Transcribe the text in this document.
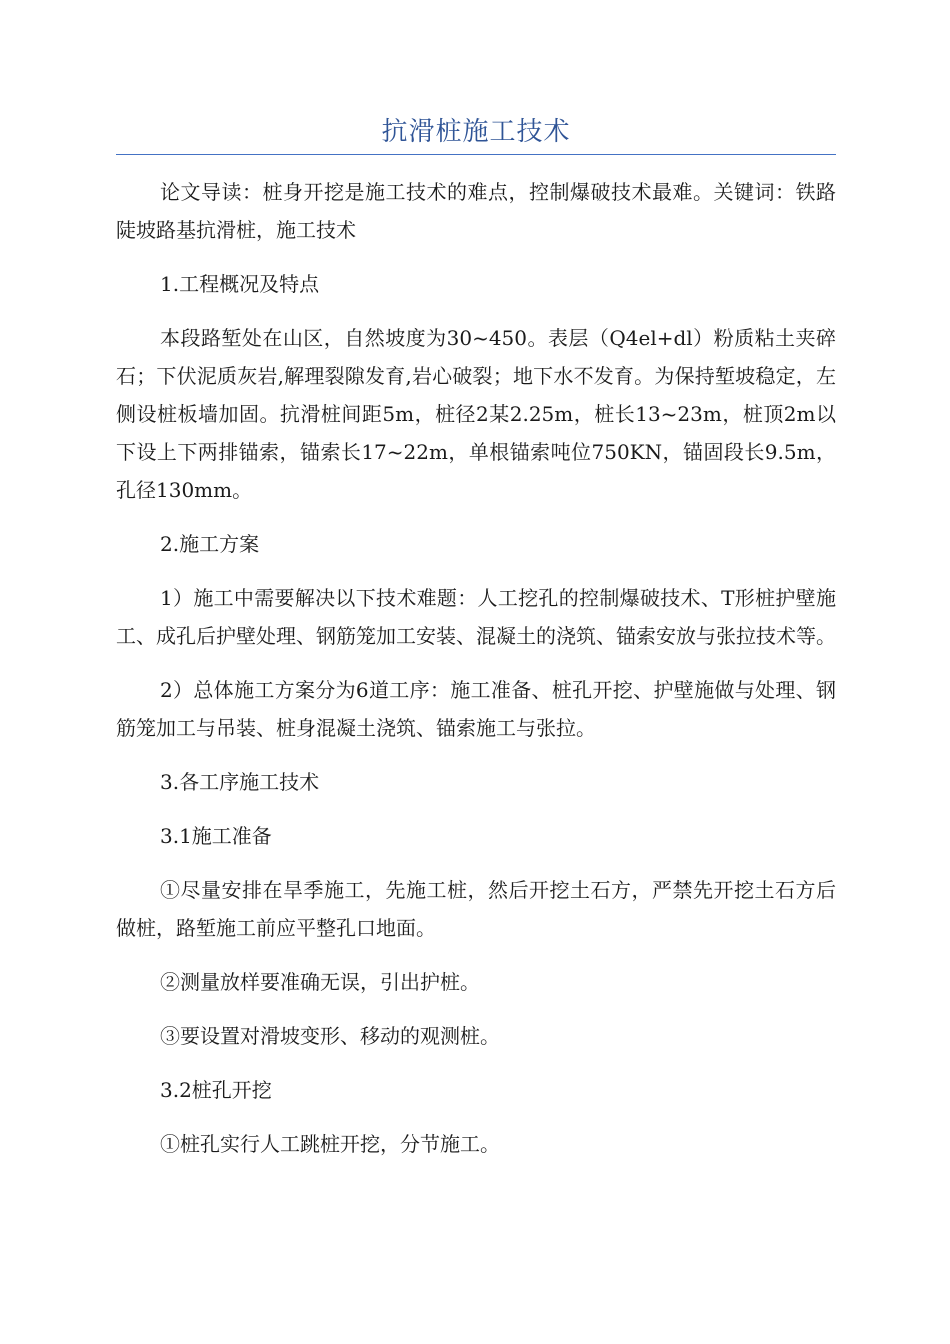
抗滑桩施工技术

论文导读：桩身开挖是施工技术的难点，控制爆破技术最难。关键词：铁路陡坡路基抗滑桩，施工技术

1.工程概况及特点

本段路堑处在山区，自然坡度为30~450。表层（Q4el+dl）粉质粘土夹碎石；下伏泥质灰岩,解理裂隙发育,岩心破裂；地下水不发育。为保持堑坡稳定，左侧设桩板墙加固。抗滑桩间距5m，桩径2某2.25m，桩长13~23m，桩顶2m以下设上下两排锚索，锚索长17~22m，单根锚索吨位750KN，锚固段长9.5m，孔径130mm。

2.施工方案

1）施工中需要解决以下技术难题：人工挖孔的控制爆破技术、T形桩护壁施工、成孔后护壁处理、钢筋笼加工安装、混凝土的浇筑、锚索安放与张拉技术等。

2）总体施工方案分为6道工序：施工准备、桩孔开挖、护壁施做与处理、钢筋笼加工与吊装、桩身混凝土浇筑、锚索施工与张拉。

3.各工序施工技术

3.1施工准备

①尽量安排在旱季施工，先施工桩，然后开挖土石方，严禁先开挖土石方后做桩，路堑施工前应平整孔口地面。

②测量放样要准确无误，引出护桩。

③要设置对滑坡变形、移动的观测桩。

3.2桩孔开挖

①桩孔实行人工跳桩开挖，分节施工。
